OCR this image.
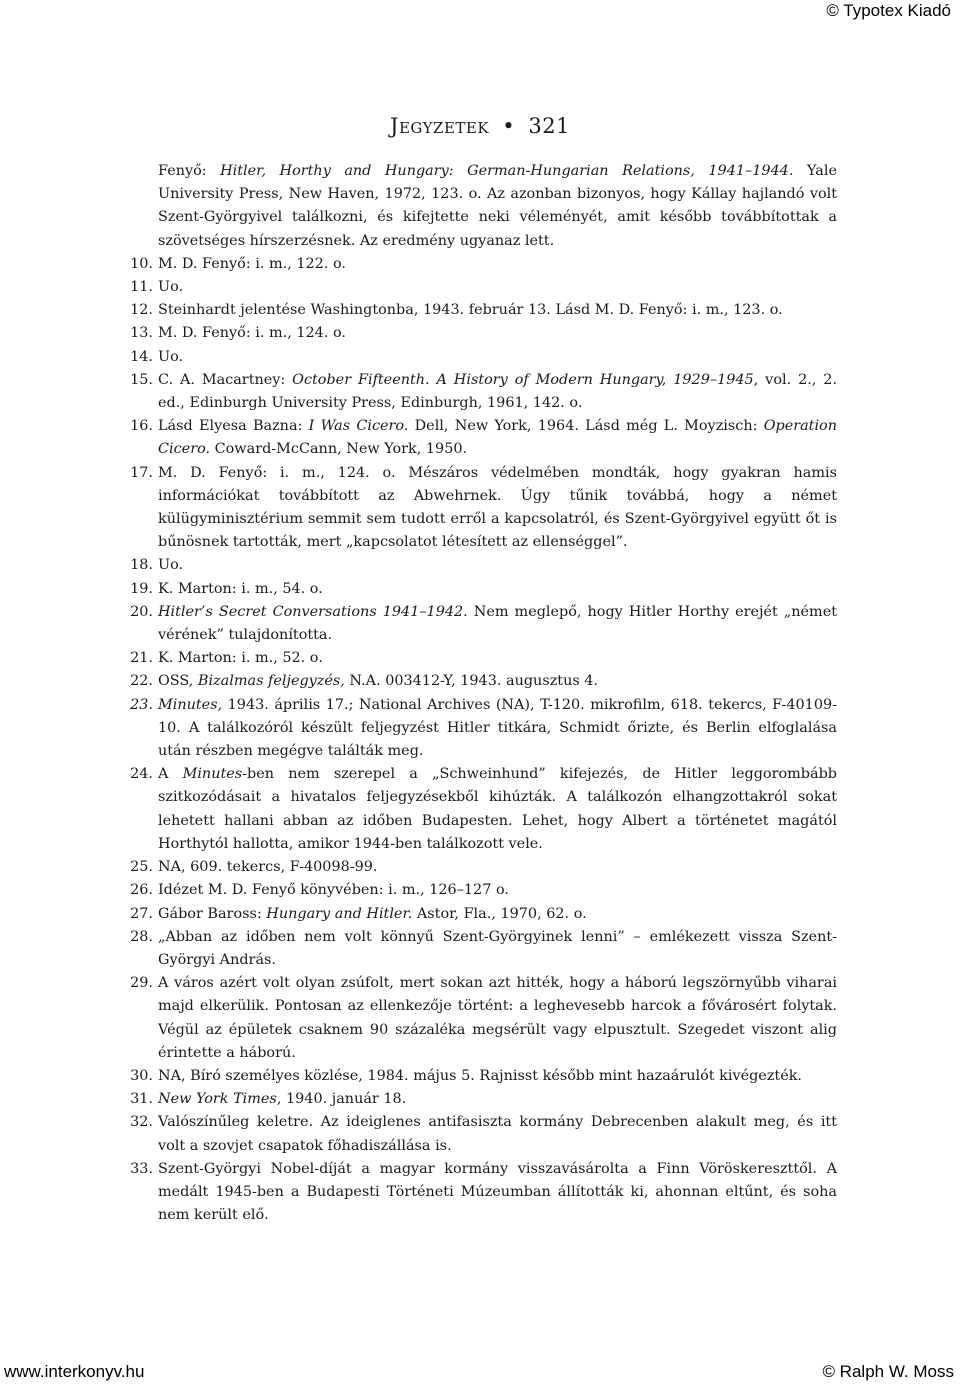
© Typotex Kiadó
Jegyzetek • 321

Fenyő: Hitler, Horthy and Hungary: German-Hungarian Relations, 1941–1944. Yale University Press, New Haven, 1972, 123. o. Az azonban bizonyos, hogy Kállay hajlandó volt Szent-Györgyivel találkozni, és kifejtette neki véleményét, amit később továbbítottak a szövetséges hírszerzésnek. Az eredmény ugyanaz lett.

10. M. D. Fenyő: i. m., 122. o.

11. Uo.

12. Steinhardt jelentése Washingtonba, 1943. február 13. Lásd M. D. Fenyő: i. m., 123. o.

13. M. D. Fenyő: i. m., 124. o.

14. Uo.

15. C. A. Macartney: October Fifteenth. A History of Modern Hungary, 1929–1945, vol. 2., 2. ed., Edinburgh University Press, Edinburgh, 1961, 142. o.

16. Lásd Elyesa Bazna: I Was Cicero. Dell, New York, 1964. Lásd még L. Moyzisch: Operation Cicero. Coward-McCann, New York, 1950.

17. M. D. Fenyő: i. m., 124. o. Mészáros védelmében mondták, hogy gyakran hamis információkat továbbított az Abwehrnek. Úgy tűnik továbbá, hogy a német külügyminisztérium semmit sem tudott erről a kapcsolatról, és Szent-Györgyivel együtt őt is bűnösnek tartották, mert „kapcsolatot létesített az ellenséggel”.

18. Uo.

19. K. Marton: i. m., 54. o.

20. Hitler’s Secret Conversations 1941–1942. Nem meglepő, hogy Hitler Horthy erejét „német vérének” tulajdonította.

21. K. Marton: i. m., 52. o.

22. OSS, Bizalmas feljegyzés, N.A. 003412-Y, 1943. augusztus 4.

23. Minutes, 1943. április 17.; National Archives (NA), T-120. mikrofilm, 618. tekercs, F-40109-10. A találkozóról készült feljegyzést Hitler titkára, Schmidt őrizte, és Berlin elfoglalása után részben megégve találták meg.

24. A Minutes-ben nem szerepel a „Schweinhund” kifejezés, de Hitler leggorombább szitkozódásait a hivatalos feljegyzésekből kihúzták. A találkozón elhangzottakról sokat lehetett hallani abban az időben Budapesten. Lehet, hogy Albert a történetet magától Horthytól hallotta, amikor 1944-ben találkozott vele.

25. NA, 609. tekercs, F-40098-99.

26. Idézet M. D. Fenyő könyvében: i. m., 126–127 o.

27. Gábor Baross: Hungary and Hitler. Astor, Fla., 1970, 62. o.

28. „Abban az időben nem volt könnyű Szent-Györgyinek lenni” – emlékezett vissza Szent-Györgyi András.

29. A város azért volt olyan zsúfolt, mert sokan azt hitték, hogy a háború legszörnyűbb viharai majd elkerülik. Pontosan az ellenkezője történt: a leghevesebb harcok a fővárosért folytak. Végül az épületek csaknem 90 százaléka megsérült vagy elpusztult. Szegedet viszont alig érintette a háború.

30. NA, Bíró személyes közlése, 1984. május 5. Rajnisst később mint hazaárulót kivégezték.

31. New York Times, 1940. január 18.

32. Valószínűleg keletre. Az ideiglenes antifasiszta kormány Debrecenben alakult meg, és itt volt a szovjet csapatok főhadiszállása is.

33. Szent-Györgyi Nobel-díját a magyar kormány visszavásárolta a Finn Vöröskereszttől. A medált 1945-ben a Budapesti Történeti Múzeumban állították ki, ahonnan eltűnt, és soha nem került elő.

www.interkonyv.hu	© Ralph W. Moss
